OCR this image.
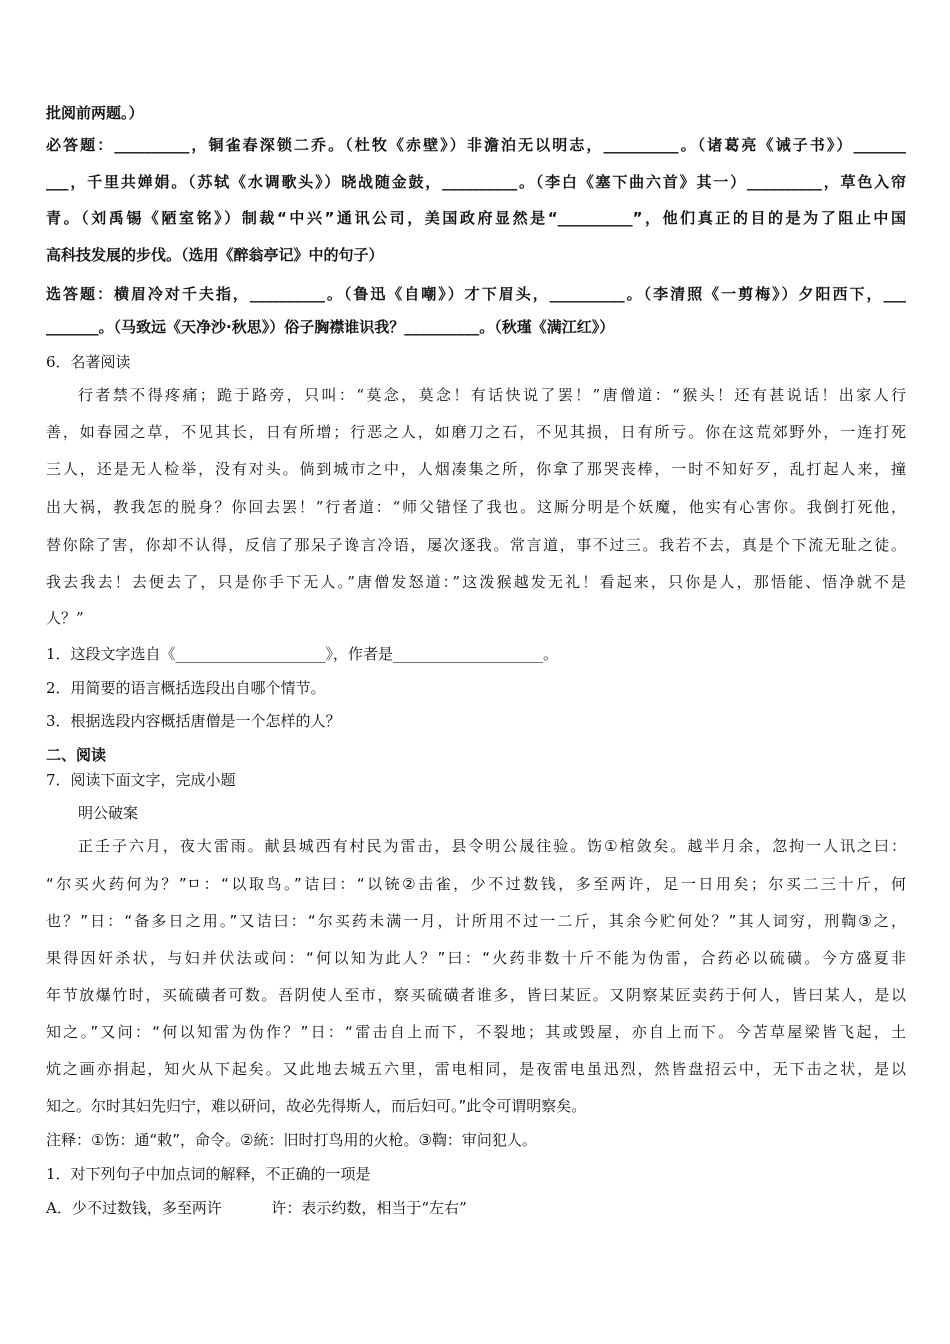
批阅前两题。）
必答题：__________，铜雀春深锁二乔。（杜牧《赤壁》）非澹泊无以明志，__________。（诸葛亮《诫子书》）_______
___，千里共婵娟。（苏轼《水调歌头》）晓战随金鼓，__________。（李白《塞下曲六首》其一）__________，草色入帘
青。（刘禹锡《陋室铭》）制裁“中兴”通讯公司，美国政府显然是“__________”，他们真正的目的是为了阻止中国
高科技发展的步伐。（选用《醉翁亭记》中的句子）
选答题：横眉冷对千夫指，__________。（鲁迅《自嘲》）才下眉头，__________。（李清照《一剪梅》）夕阳西下，___
_______。（马致远《天净沙·秋思》）俗子胸襟谁识我？__________。（秋瑾《满江红》）
6．名著阅读
行者禁不得疼痛；跪于路旁，只叫：“莫念，莫念！有话快说了罢！”唐僧道：“猴头！还有甚说话！出家人行
善，如春园之草，不见其长，日有所增；行恶之人，如磨刀之石，不见其损，日有所亏。你在这荒郊野外，一连打死
三人，还是无人检举，没有对头。倘到城市之中，人烟凑集之所，你拿了那哭丧棒，一时不知好歹，乱打起人来，撞
出大祸，教我怎的脱身？你回去罢！”行者道：“师父错怪了我也。这厮分明是个妖魔，他实有心害你。我倒打死他，
替你除了害，你却不认得，反信了那呆子谗言冷语，屡次逐我。常言道，事不过三。我若不去，真是个下流无耻之徒。
我去我去！去便去了，只是你手下无人。”唐僧发怒道：”这泼猴越发无礼！看起来，只你是人，那悟能、悟净就不是
人？”
1．这段文字选自《____________________》，作者是____________________。
2．用简要的语言概括选段出自哪个情节。
3．根据选段内容概括唐僧是一个怎样的人？
二、阅读
7．阅读下面文字，完成小题
明公破案
正壬子六月，夜大雷雨。献县城西有村民为雷击，县令明公晟往验。饬①棺敛矣。越半月余，忽拘一人讯之曰：
“尔买火药何为？”ㅁ：“以取鸟。”诘曰：“以铳②击雀，少不过数钱，多至两许，足一日用矣；尔买二三十斤，何
也？”日：“备多日之用。”又诘曰：“尔买药未满一月，计所用不过一二斤，其余今贮何处？”其人词穷，刑鞫③之，
果得因奸杀状，与妇并伏法或问：“何以知为此人？”曰：“火药非数十斤不能为伪雷，合药必以硫磺。今方盛夏非
年节放爆竹时，买硫磺者可数。吾阴使人至市，察买硫磺者谁多，皆曰某匠。又阴察某匠卖药于何人，皆曰某人，是以
知之。”又问：“何以知雷为伪作？”日：“雷击自上而下，不裂地；其或毁屋，亦自上而下。今苫草屋梁皆飞起，土
炕之画亦捐起，知火从下起矣。又此地去城五六里，雷电相同，是夜雷电虽迅烈，然皆盘招云中，无下击之状，是以
知之。尔时其妇先归宁，难以研问，故必先得斯人，而后妇可。”此令可谓明察矣。
注释：①饬：通“敕”，命令。②統：旧时打鸟用的火枪。③鞫：审问犯人。
1．对下列句子中加点词的解释，不正确的一项是
A．少不过数钱，多至两许	许：表示约数，相当于“左右”
